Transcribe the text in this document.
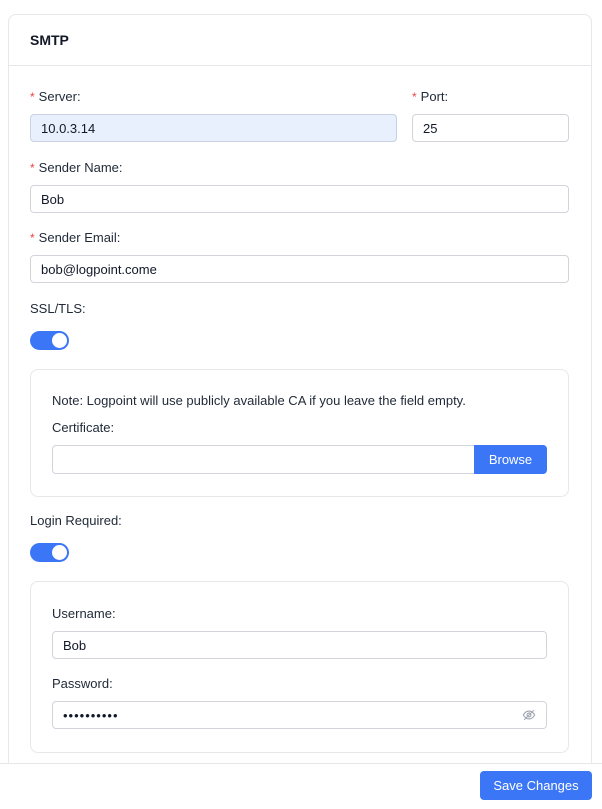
SMTP
* Server:
10.0.3.14
* Port:
25
* Sender Name:
Bob
* Sender Email:
bob@logpoint.come
SSL/TLS:
Note: Logpoint will use publicly available CA if you leave the field empty.
Certificate:
Browse
Login Required:
Username:
Bob
Password:
••••••••••
Save Changes
